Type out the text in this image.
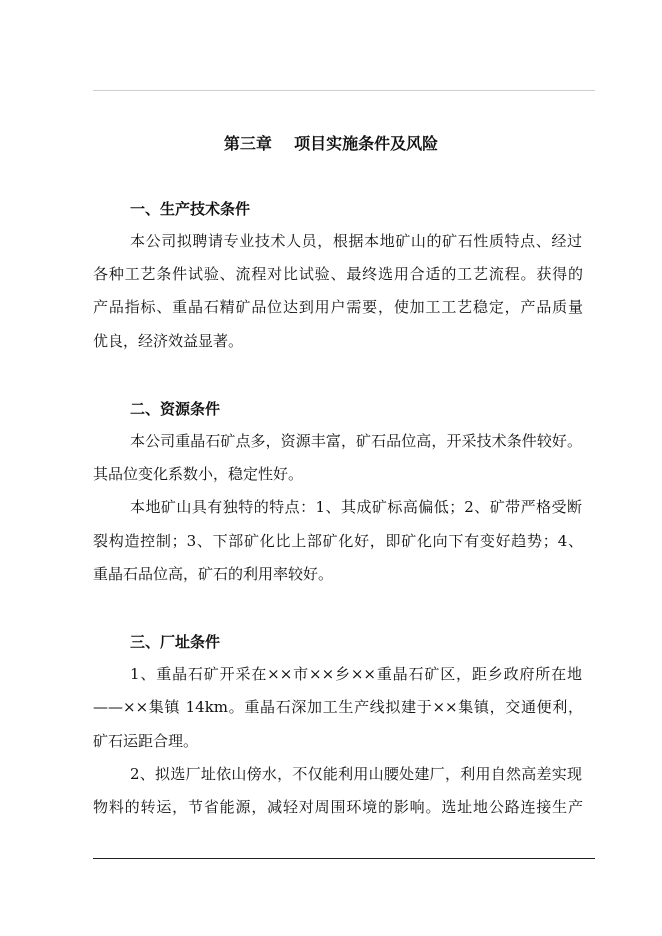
第三章    项目实施条件及风险
一、生产技术条件
本公司拟聘请专业技术人员，根据本地矿山的矿石性质特点、经过
各种工艺条件试验、流程对比试验、最终选用合适的工艺流程。获得的
产品指标、重晶石精矿品位达到用户需要，使加工工艺稳定，产品质量
优良，经济效益显著。
二、资源条件
本公司重晶石矿点多，资源丰富，矿石品位高，开采技术条件较好。
其品位变化系数小，稳定性好。
本地矿山具有独特的特点：1、其成矿标高偏低；2、矿带严格受断
裂构造控制；3、下部矿化比上部矿化好，即矿化向下有变好趋势；4、
重晶石品位高，矿石的利用率较好。
三、厂址条件
1、重晶石矿开采在××市××乡××重晶石矿区，距乡政府所在地
——××集镇 14km。重晶石深加工生产线拟建于××集镇，交通便利，
矿石运距合理。
2、拟选厂址依山傍水，不仅能利用山腰处建厂，利用自然高差实现
物料的转运，节省能源，减轻对周围环境的影响。选址地公路连接生产
